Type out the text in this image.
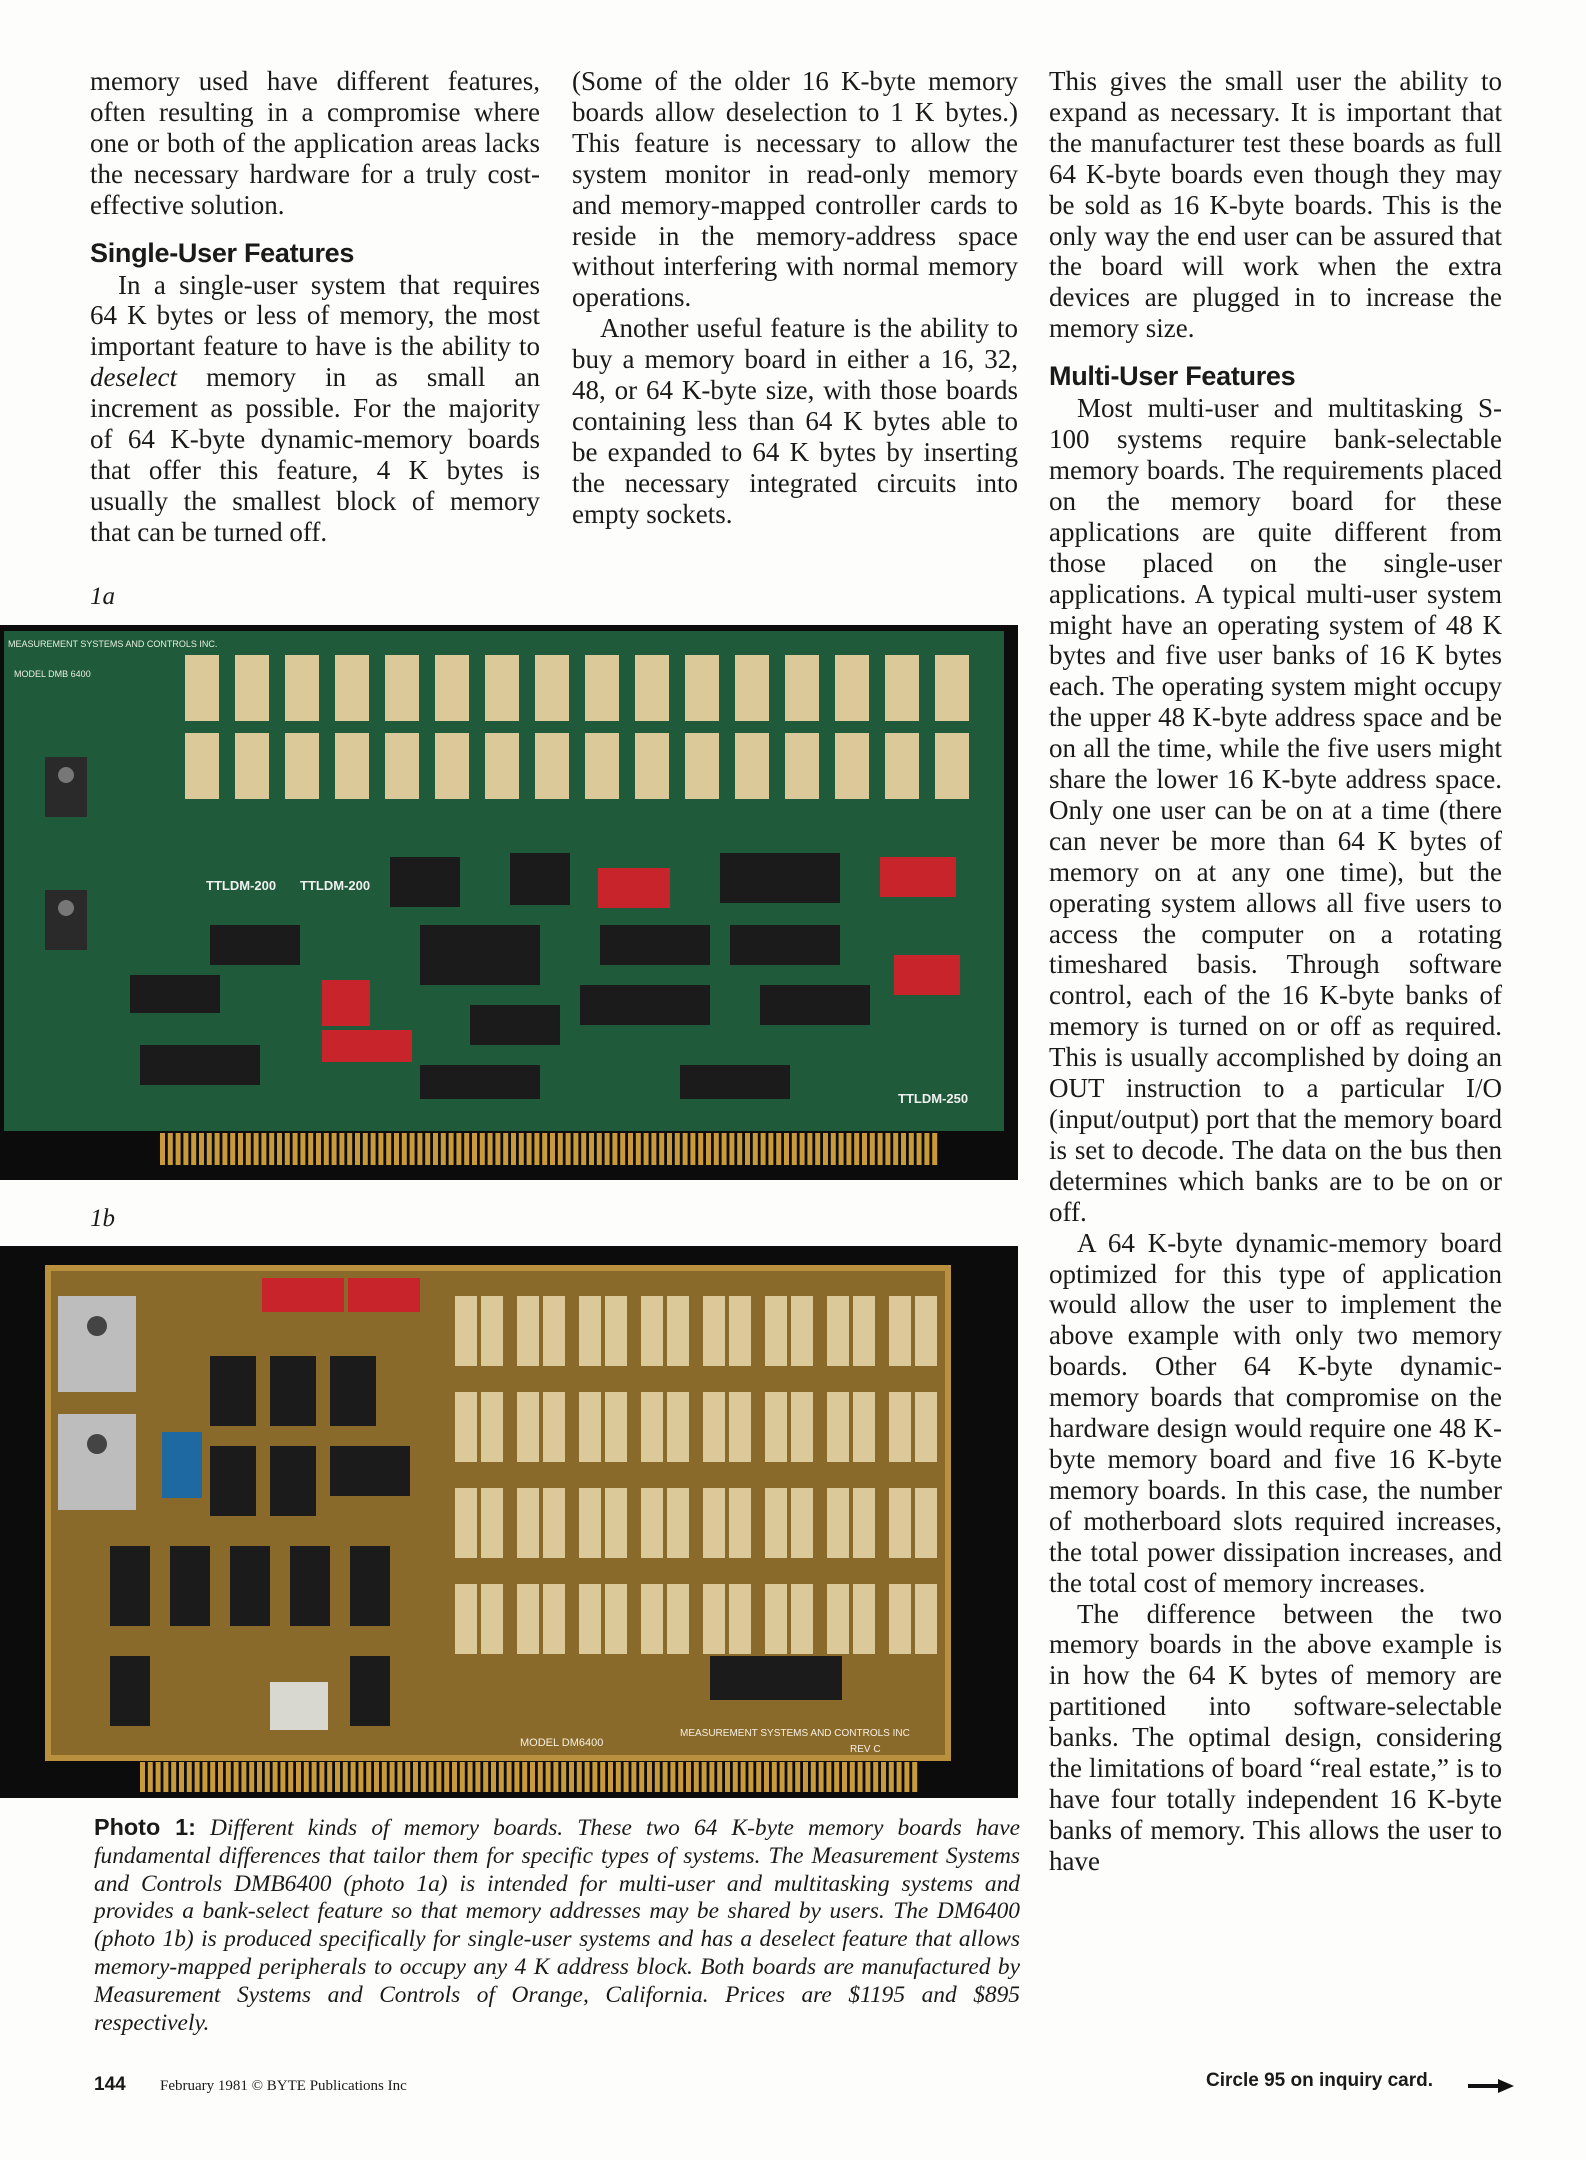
memory used have different features, often resulting in a compromise where one or both of the application areas lacks the necessary hardware for a truly cost-effective solution.

Single-User Features

In a single-user system that requires 64 K bytes or less of memory, the most important feature to have is the ability to deselect memory in as small an increment as possible. For the majority of 64 K-byte dynamic-memory boards that offer this feature, 4 K bytes is usually the smallest block of memory that can be turned off.

(Some of the older 16 K-byte memory boards allow deselection to 1 K bytes.) This feature is necessary to allow the system monitor in read-only memory and memory-mapped controller cards to reside in the memory-address space without interfering with normal memory operations.

Another useful feature is the ability to buy a memory board in either a 16, 32, 48, or 64 K-byte size, with those boards containing less than 64 K bytes able to be expanded to 64 K bytes by inserting the necessary integrated circuits into empty sockets.

This gives the small user the ability to expand as necessary. It is important that the manufacturer test these boards as full 64 K-byte boards even though they may be sold as 16 K-byte boards. This is the only way the end user can be assured that the board will work when the extra devices are plugged in to increase the memory size.

Multi-User Features

Most multi-user and multitasking S-100 systems require bank-selectable memory boards. The requirements placed on the memory board for these applications are quite different from those placed on the single-user applications. A typical multi-user system might have an operating system of 48 K bytes and five user banks of 16 K bytes each. The operating system might occupy the upper 48 K-byte address space and be on all the time, while the five users might share the lower 16 K-byte address space. Only one user can be on at a time (there can never be more than 64 K bytes of memory on at any one time), but the operating system allows all five users to access the computer on a rotating timeshared basis. Through software control, each of the 16 K-byte banks of memory is turned on or off as required. This is usually accomplished by doing an OUT instruction to a particular I/O (input/output) port that the memory board is set to decode. The data on the bus then determines which banks are to be on or off.

A 64 K-byte dynamic-memory board optimized for this type of application would allow the user to implement the above example with only two memory boards. Other 64 K-byte dynamic-memory boards that compromise on the hardware design would require one 48 K-byte memory board and five 16 K-byte memory boards. In this case, the number of motherboard slots required increases, the total power dissipation increases, and the total cost of memory increases.

The difference between the two memory boards in the above example is in how the 64 K bytes of memory are partitioned into software-selectable banks. The optimal design, considering the limitations of board “real estate,” is to have four totally independent 16 K-byte banks of memory. This allows the user to have

1a
1b
MEASUREMENT SYSTEMS AND CONTROLS INC.
MODEL DMB 6400
TTLDM-200 TTLDM-200
TTLDM-250
MODEL DM6400
MEASUREMENT SYSTEMS AND CONTROLS INC
REV C
Photo 1: Different kinds of memory boards. These two 64 K-byte memory boards have fundamental differences that tailor them for specific types of systems. The Measurement Systems and Controls DMB6400 (photo 1a) is intended for multi-user and multitasking systems and provides a bank-select feature so that memory addresses may be shared by users. The DM6400 (photo 1b) is produced specifically for single-user systems and has a deselect feature that allows memory-mapped peripherals to occupy any 4 K address block. Both boards are manufactured by Measurement Systems and Controls of Orange, California. Prices are $1195 and $895 respectively.
144 February 1981 © BYTE Publications Inc	Circle 95 on inquiry card.
